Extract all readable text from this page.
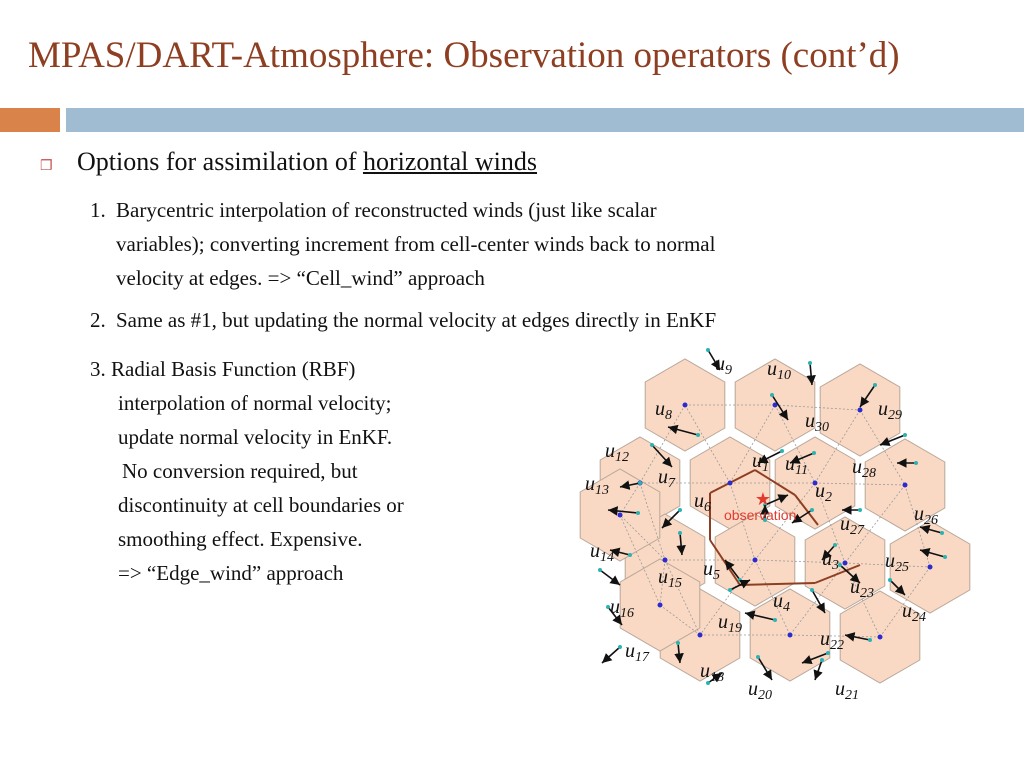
MPAS/DART-Atmosphere: Observation operators (cont’d)
❒ Options for assimilation of horizontal winds
1. Barycentric interpolation of reconstructed winds (just like scalar
variables); converting increment from cell-center winds back to normal
velocity at edges. => “Cell_wind” approach
2. Same as #1, but updating the normal velocity at edges directly in EnKF
3. Radial Basis Function (RBF)
interpolation of normal velocity;
update normal velocity in EnKF.
No conversion required, but
discontinuity at cell boundaries or
smoothing effect. Expensive.
=> “Edge_wind” approach
$u_9$ $u_{10}$
$u_8$	$u_{30}$
$u_{29}$
$u_{12}$	$u_1$ $u_{11}$ $u_{28}$
$u_{13}$
$u_7$	$u_2$
$u_6$	$u_{26}$
$u_{27}$
$u_{14}$	$u_3$ $u_{25}$
$u_5$
$u_{15}$	$u_{23}$
$u_4$
$u_{16}$	$u_{24}$
$u_{19}$	$u_{22}$
$u_{17}$
$u_{18}$
$u_{20}$	$u_{21}$
★
observation
